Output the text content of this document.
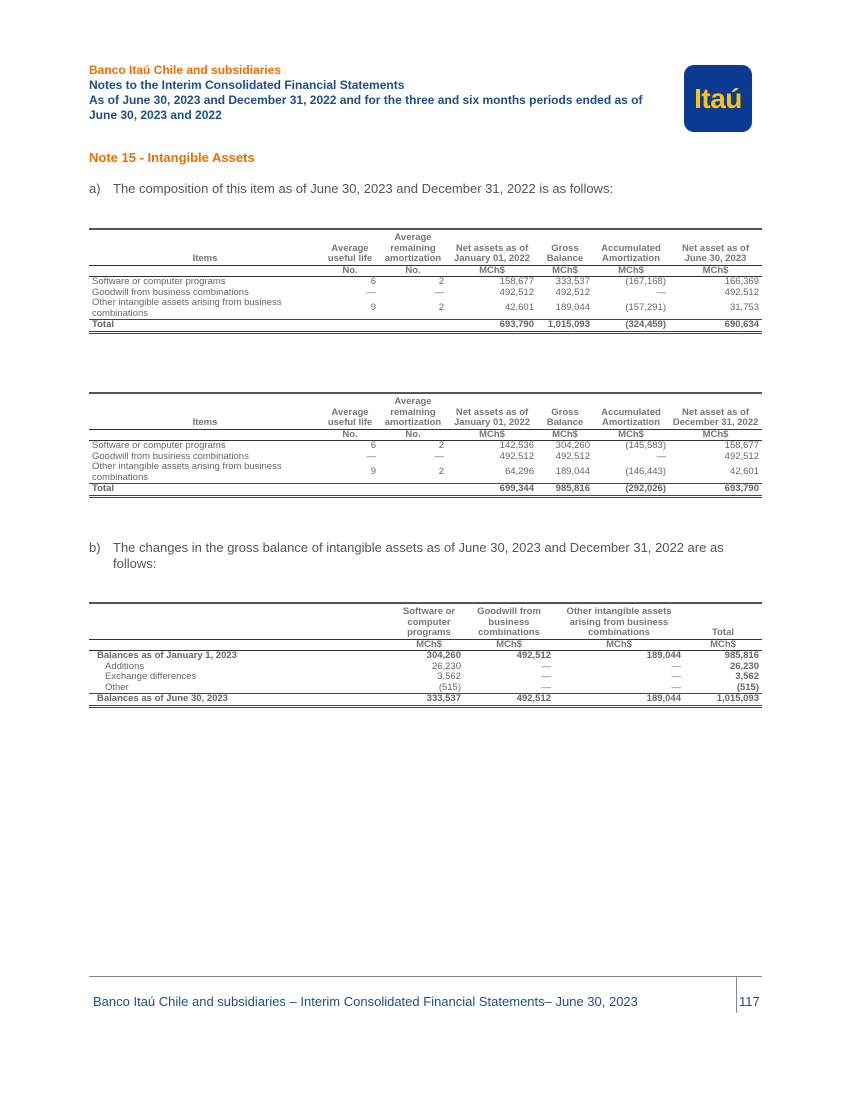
Banco Itaú Chile and subsidiaries
Notes to the Interim Consolidated Financial Statements
As of June 30, 2023 and December 31, 2022 and for the three and six months periods ended as of
June 30, 2023 and 2022
Itaú
Note 15 - Intangible Assets
a) The composition of this item as of June 30, 2023 and December 31, 2022 is as follows:
Items	Average useful life	Average remaining amortization	Net assets as of January 01, 2022	Gross Balance	Accumulated Amortization	Net asset as of June 30, 2023
	No.	No.	MCh$	MCh$	MCh$	MCh$
Software or computer programs	6	2	158,677	333,537	(167,168)	166,369
Goodwill from business combinations	—	—	492,512	492,512	—	492,512
Other intangible assets arising from business combinations	9	2	42,601	189,044	(157,291)	31,753
Total			693,790	1,015,093	(324,459)	690,634
Items	Average useful life	Average remaining amortization	Net assets as of January 01, 2022	Gross Balance	Accumulated Amortization	Net asset as of December 31, 2022
	No.	No.	MCh$	MCh$	MCh$	MCh$
Software or computer programs	6	2	142,536	304,260	(145,583)	158,677
Goodwill from business combinations	—	—	492,512	492,512	—	492,512
Other intangible assets arising from business combinations	9	2	64,296	189,044	(146,443)	42,601
Total			699,344	985,816	(292,026)	693,790
b) The changes in the gross balance of intangible assets as of June 30, 2023 and December 31, 2022 are as follows:
	Software or computer programs	Goodwill from business combinations	Other intangible assets arising from business combinations	Total
	MCh$	MCh$	MCh$	MCh$
Balances as of January 1, 2023	304,260	492,512	189,044	985,816
Additions	26,230	—	—	26,230
Exchange differences	3,562	—	—	3,562
Other	(515)	—	—	(515)
Balances as of June 30, 2023	333,537	492,512	189,044	1,015,093
Banco Itaú Chile and subsidiaries – Interim Consolidated Financial Statements– June 30, 2023	117
